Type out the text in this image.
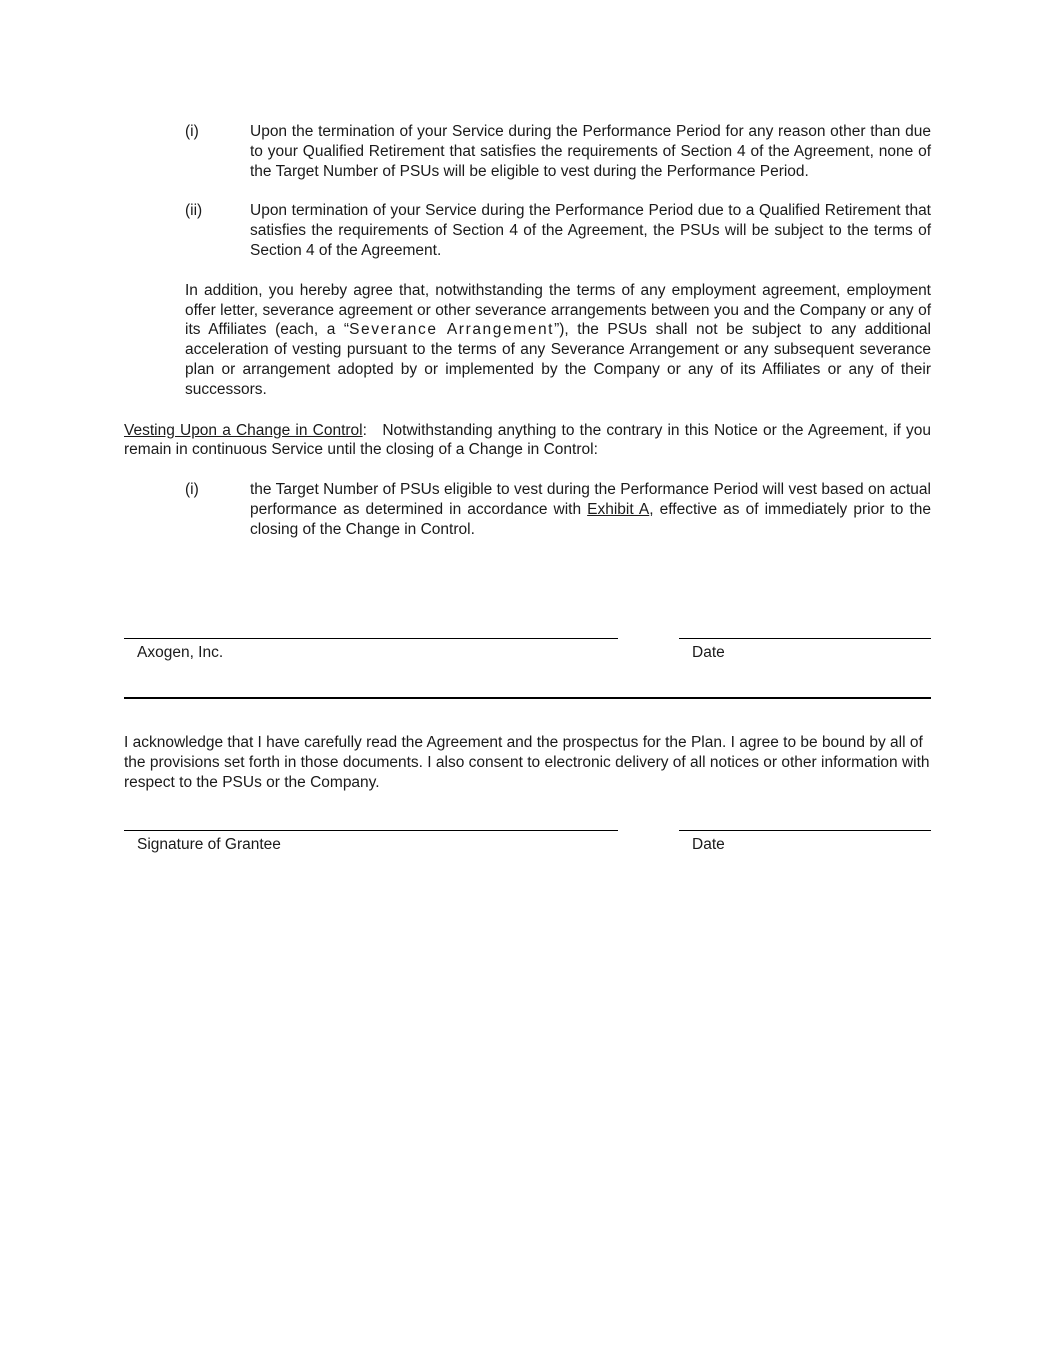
(i)	Upon the termination of your Service during the Performance Period for any reason other than due to your Qualified Retirement that satisfies the requirements of Section 4 of the Agreement, none of the Target Number of PSUs will be eligible to vest during the Performance Period.
(ii)	Upon termination of your Service during the Performance Period due to a Qualified Retirement that satisfies the requirements of Section 4 of the Agreement, the PSUs will be subject to the terms of Section 4 of the Agreement.
In addition, you hereby agree that, notwithstanding the terms of any employment agreement, employment offer letter, severance agreement or other severance arrangements between you and the Company or any of its Affiliates (each, a “Severance Arrangement”), the PSUs shall not be subject to any additional acceleration of vesting pursuant to the terms of any Severance Arrangement or any subsequent severance plan or arrangement adopted by or implemented by the Company or any of its Affiliates or any of their successors.
Vesting Upon a Change in Control:   Notwithstanding anything to the contrary in this Notice or the Agreement, if you remain in continuous Service until the closing of a Change in Control:
(i)	the Target Number of PSUs eligible to vest during the Performance Period will vest based on actual performance as determined in accordance with Exhibit A, effective as of immediately prior to the closing of the Change in Control.
Axogen, Inc.	Date
I acknowledge that I have carefully read the Agreement and the prospectus for the Plan. I agree to be bound by all of the provisions set forth in those documents. I also consent to electronic delivery of all notices or other information with respect to the PSUs or the Company.
Signature of Grantee	Date
